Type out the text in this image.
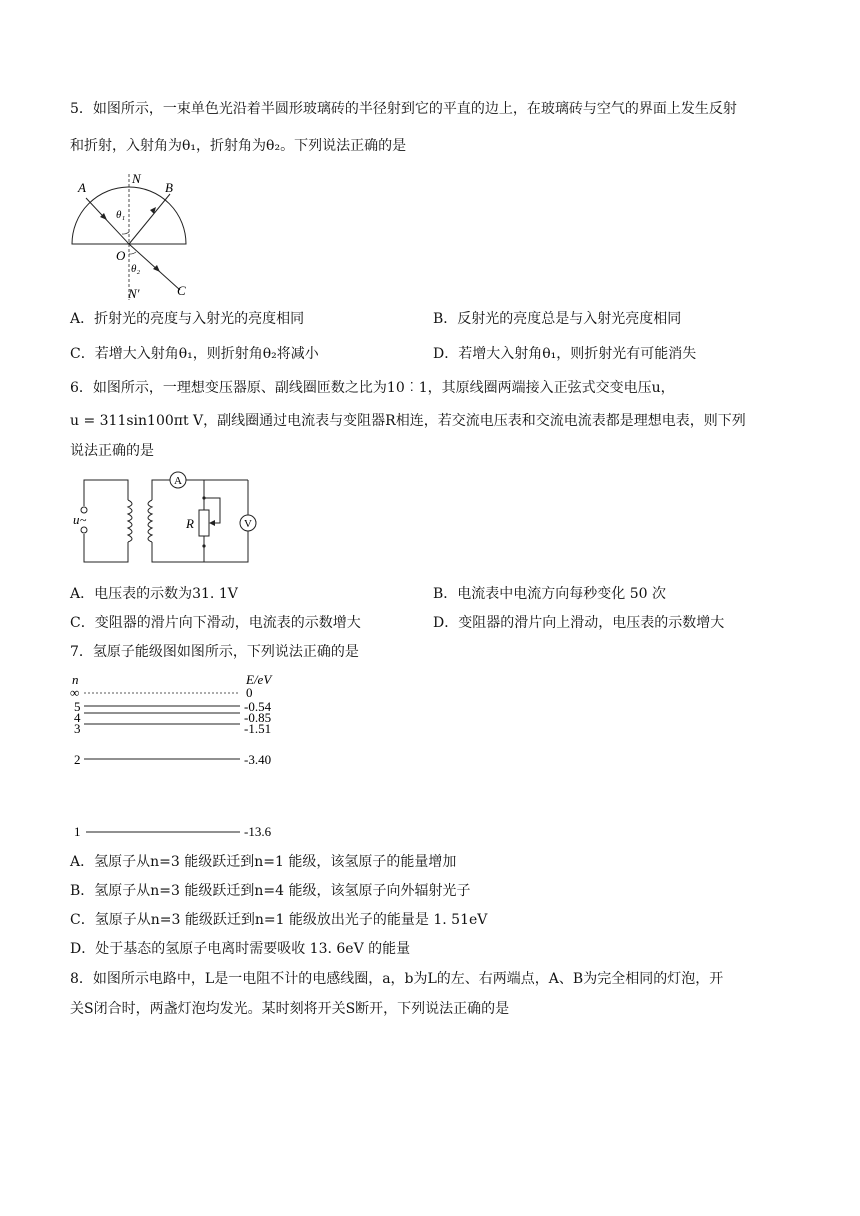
5．如图所示，一束单色光沿着半圆形玻璃砖的半径射到它的平直的边上，在玻璃砖与空气的界面上发生反射
和折射，入射角为θ₁，折射角为θ₂。下列说法正确的是
A
N
B
θ₁
O
θ₂
N′	C
A．折射光的亮度与入射光的亮度相同	B．反射光的亮度总是与入射光亮度相同
C．若增大入射角θ₁，则折射角θ₂将减小	D．若增大入射角θ₁，则折射光有可能消失
6．如图所示，一理想变压器原、副线圈匝数之比为10︰1，其原线圈两端接入正弦式交变电压u，
u = 311sin100πt V，副线圈通过电流表与变阻器R相连，若交流电压表和交流电流表都是理想电表，则下列
说法正确的是
u ~
A
R	V
A．电压表的示数为31. 1V	B．电流表中电流方向每秒变化 50 次
C．变阻器的滑片向下滑动，电流表的示数增大	D．变阻器的滑片向上滑动，电压表的示数增大
7．氢原子能级图如图所示，下列说法正确的是
n	E/eV
∞	0
5	-0.54
4	-0.85
3	-1.51
2	-3.40
1	-13.6
A．氢原子从n=3 能级跃迁到n=1 能级，该氢原子的能量增加
B．氢原子从n=3 能级跃迁到n=4 能级，该氢原子向外辐射光子
C．氢原子从n=3 能级跃迁到n=1 能级放出光子的能量是 1. 51eV
D．处于基态的氢原子电离时需要吸收 13. 6eV 的能量
8．如图所示电路中，L是一电阻不计的电感线圈，a，b为L的左、右两端点，A、B为完全相同的灯泡，开
关S闭合时，两盏灯泡均发光。某时刻将开关S断开，下列说法正确的是
